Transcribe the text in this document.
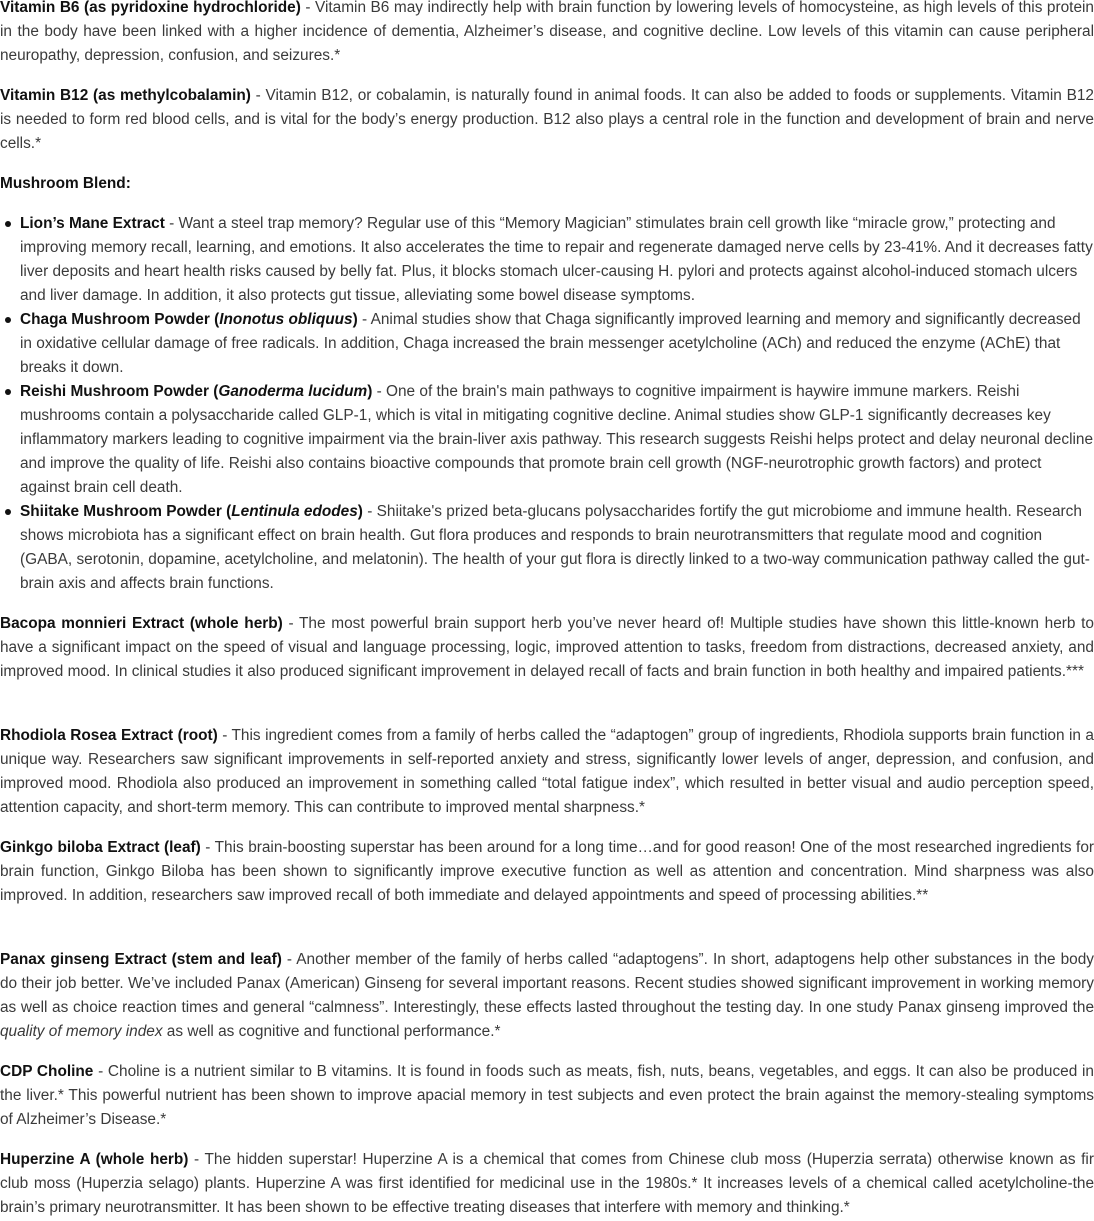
Vitamin B6 (as pyridoxine hydrochloride) - Vitamin B6 may indirectly help with brain function by lowering levels of homocysteine, as high levels of this protein in the body have been linked with a higher incidence of dementia, Alzheimer’s disease, and cognitive decline. Low levels of this vitamin can cause peripheral neuropathy, depression, confusion, and seizures.*

Vitamin B12 (as methylcobalamin) - Vitamin B12, or cobalamin, is naturally found in animal foods. It can also be added to foods or supplements. Vitamin B12 is needed to form red blood cells, and is vital for the body’s energy production. B12 also plays a central role in the function and development of brain and nerve cells.*

Mushroom Blend:

Lion’s Mane Extract - Want a steel trap memory? Regular use of this “Memory Magician” stimulates brain cell growth like “miracle grow,” protecting and improving memory recall, learning, and emotions. It also accelerates the time to repair and regenerate damaged nerve cells by 23-41%. And it decreases fatty liver deposits and heart health risks caused by belly fat. Plus, it blocks stomach ulcer-causing H. pylori and protects against alcohol-induced stomach ulcers and liver damage. In addition, it also protects gut tissue, alleviating some bowel disease symptoms.
Chaga Mushroom Powder (Inonotus obliquus) - Animal studies show that Chaga significantly improved learning and memory and significantly decreased in oxidative cellular damage of free radicals. In addition, Chaga increased the brain messenger acetylcholine (ACh) and reduced the enzyme (AChE) that breaks it down.
Reishi Mushroom Powder (Ganoderma lucidum) - One of the brain's main pathways to cognitive impairment is haywire immune markers. Reishi mushrooms contain a polysaccharide called GLP-1, which is vital in mitigating cognitive decline. Animal studies show GLP-1 significantly decreases key inflammatory markers leading to cognitive impairment via the brain-liver axis pathway. This research suggests Reishi helps protect and delay neuronal decline and improve the quality of life. Reishi also contains bioactive compounds that promote brain cell growth (NGF-neurotrophic growth factors) and protect against brain cell death.
Shiitake Mushroom Powder (Lentinula edodes) - Shiitake's prized beta-glucans polysaccharides fortify the gut microbiome and immune health. Research shows microbiota has a significant effect on brain health. Gut flora produces and responds to brain neurotransmitters that regulate mood and cognition (GABA, serotonin, dopamine, acetylcholine, and melatonin). The health of your gut flora is directly linked to a two-way communication pathway called the gut-brain axis and affects brain functions.

Bacopa monnieri Extract (whole herb) - The most powerful brain support herb you’ve never heard of! Multiple studies have shown this little-known herb to have a significant impact on the speed of visual and language processing, logic, improved attention to tasks, freedom from distractions, decreased anxiety, and improved mood. In clinical studies it also produced significant improvement in delayed recall of facts and brain function in both healthy and impaired patients.***

Rhodiola Rosea Extract (root) - This ingredient comes from a family of herbs called the “adaptogen” group of ingredients, Rhodiola supports brain function in a unique way. Researchers saw significant improvements in self-reported anxiety and stress, significantly lower levels of anger, depression, and confusion, and improved mood. Rhodiola also produced an improvement in something called “total fatigue index”, which resulted in better visual and audio perception speed, attention capacity, and short-term memory. This can contribute to improved mental sharpness.*

Ginkgo biloba Extract (leaf) - This brain-boosting superstar has been around for a long time…and for good reason! One of the most researched ingredients for brain function, Ginkgo Biloba has been shown to significantly improve executive function as well as attention and concentration. Mind sharpness was also improved. In addition, researchers saw improved recall of both immediate and delayed appointments and speed of processing abilities.**

Panax ginseng Extract (stem and leaf) - Another member of the family of herbs called “adaptogens”. In short, adaptogens help other substances in the body do their job better. We’ve included Panax (American) Ginseng for several important reasons. Recent studies showed significant improvement in working memory as well as choice reaction times and general “calmness”. Interestingly, these effects lasted throughout the testing day. In one study Panax ginseng improved the quality of memory index as well as cognitive and functional performance.*

CDP Choline - Choline is a nutrient similar to B vitamins. It is found in foods such as meats, fish, nuts, beans, vegetables, and eggs. It can also be produced in the liver.* This powerful nutrient has been shown to improve apacial memory in test subjects and even protect the brain against the memory-stealing symptoms of Alzheimer’s Disease.*

Huperzine A (whole herb) - The hidden superstar! Huperzine A is a chemical that comes from Chinese club moss (Huperzia serrata) otherwise known as fir club moss (Huperzia selago) plants. Huperzine A was first identified for medicinal use in the 1980s.* It increases levels of a chemical called acetylcholine-the brain’s primary neurotransmitter. It has been shown to be effective treating diseases that interfere with memory and thinking.*
